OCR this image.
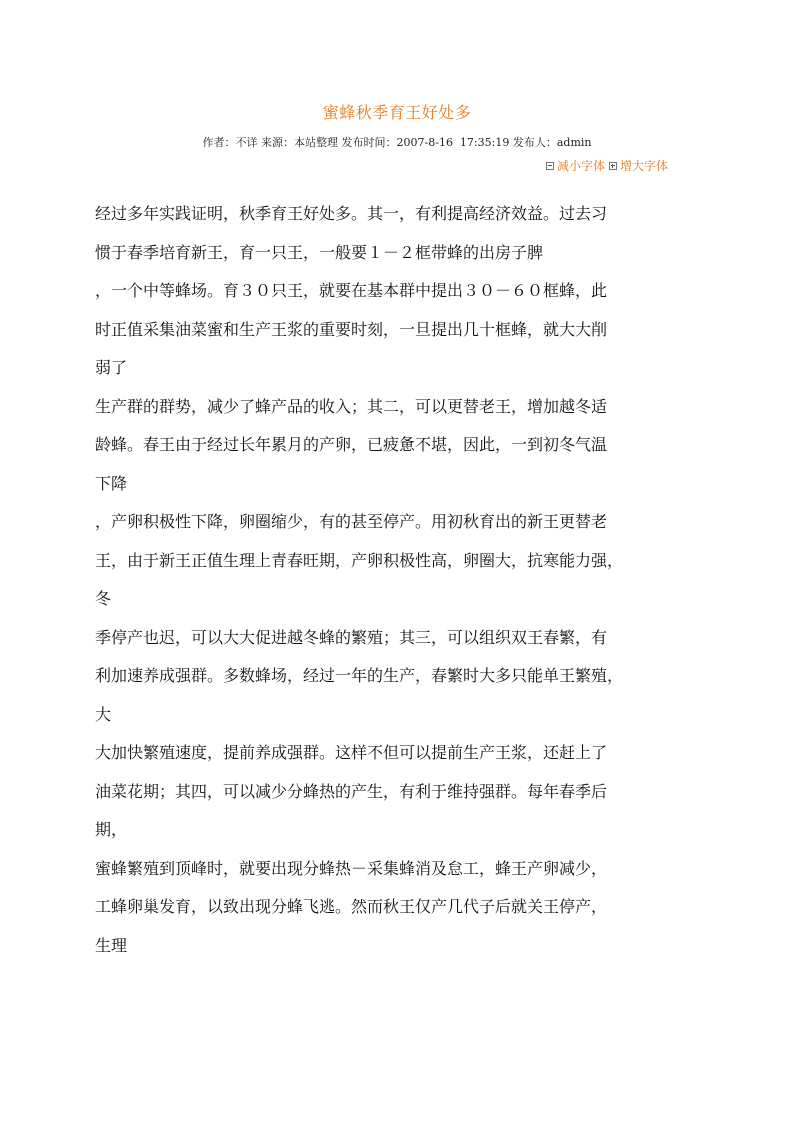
蜜蜂秋季育王好处多
作者：不详 来源：本站整理 发布时间：2007-8-16  17:35:19 发布人：admin
减小字体 增大字体
经过多年实践证明，秋季育王好处多。其一，有利提高经济效益。过去习
惯于春季培育新王，育一只王，一般要１－２框带蜂的出房子脾
，一个中等蜂场。育３０只王，就要在基本群中提出３０－６０框蜂，此
时正值采集油菜蜜和生产王浆的重要时刻，一旦提出几十框蜂，就大大削
弱了
生产群的群势，减少了蜂产品的收入；其二，可以更替老王，增加越冬适
龄蜂。春王由于经过长年累月的产卵，已疲惫不堪，因此，一到初冬气温
下降
，产卵积极性下降，卵圈缩少，有的甚至停产。用初秋育出的新王更替老
王，由于新王正值生理上青春旺期，产卵积极性高，卵圈大，抗寒能力强，
冬
季停产也迟，可以大大促进越冬蜂的繁殖；其三，可以组织双王春繁，有
利加速养成强群。多数蜂场，经过一年的生产，春繁时大多只能单王繁殖，
大
大加快繁殖速度，提前养成强群。这样不但可以提前生产王浆，还赶上了
油菜花期；其四，可以减少分蜂热的产生，有利于维持强群。每年春季后
期，
蜜蜂繁殖到顶峰时，就要出现分蜂热－采集蜂消及怠工，蜂王产卵减少，
工蜂卵巢发育，以致出现分蜂飞逃。然而秋王仅产几代子后就关王停产，
生理
